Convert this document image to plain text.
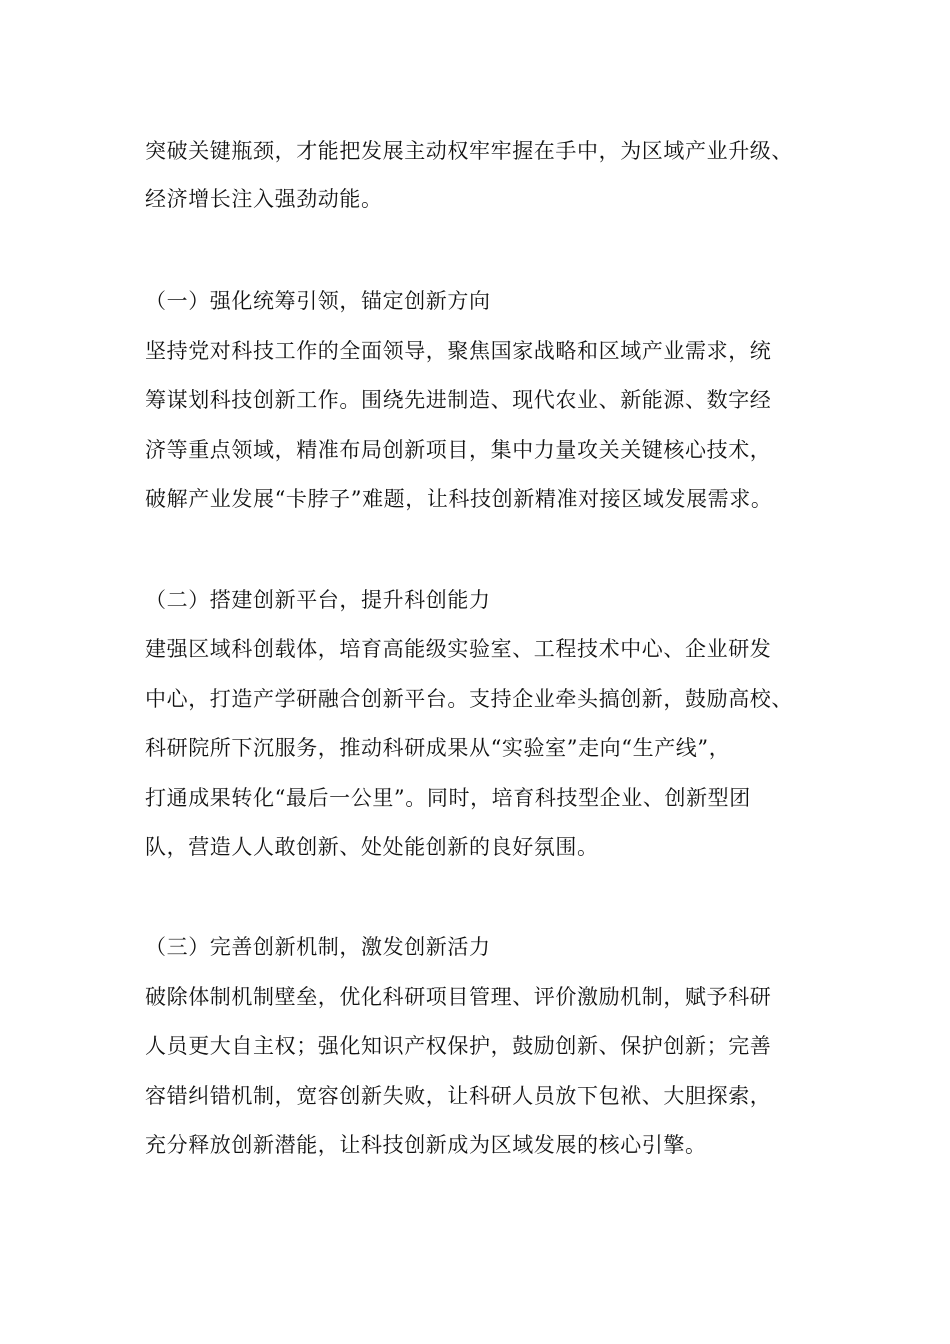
突破关键瓶颈，才能把发展主动权牢牢握在手中，为区域产业升级、
经济增长注入强劲动能。
（一）强化统筹引领，锚定创新方向
坚持党对科技工作的全面领导，聚焦国家战略和区域产业需求，统
筹谋划科技创新工作。围绕先进制造、现代农业、新能源、数字经
济等重点领域，精准布局创新项目，集中力量攻关关键核心技术，
破解产业发展“卡脖子”难题，让科技创新精准对接区域发展需求。
（二）搭建创新平台，提升科创能力
建强区域科创载体，培育高能级实验室、工程技术中心、企业研发
中心，打造产学研融合创新平台。支持企业牵头搞创新，鼓励高校、
科研院所下沉服务，推动科研成果从“实验室”走向“生产线”，
打通成果转化“最后一公里”。同时，培育科技型企业、创新型团
队，营造人人敢创新、处处能创新的良好氛围。
（三）完善创新机制，激发创新活力
破除体制机制壁垒，优化科研项目管理、评价激励机制，赋予科研
人员更大自主权；强化知识产权保护，鼓励创新、保护创新；完善
容错纠错机制，宽容创新失败，让科研人员放下包袱、大胆探索，
充分释放创新潜能，让科技创新成为区域发展的核心引擎。
